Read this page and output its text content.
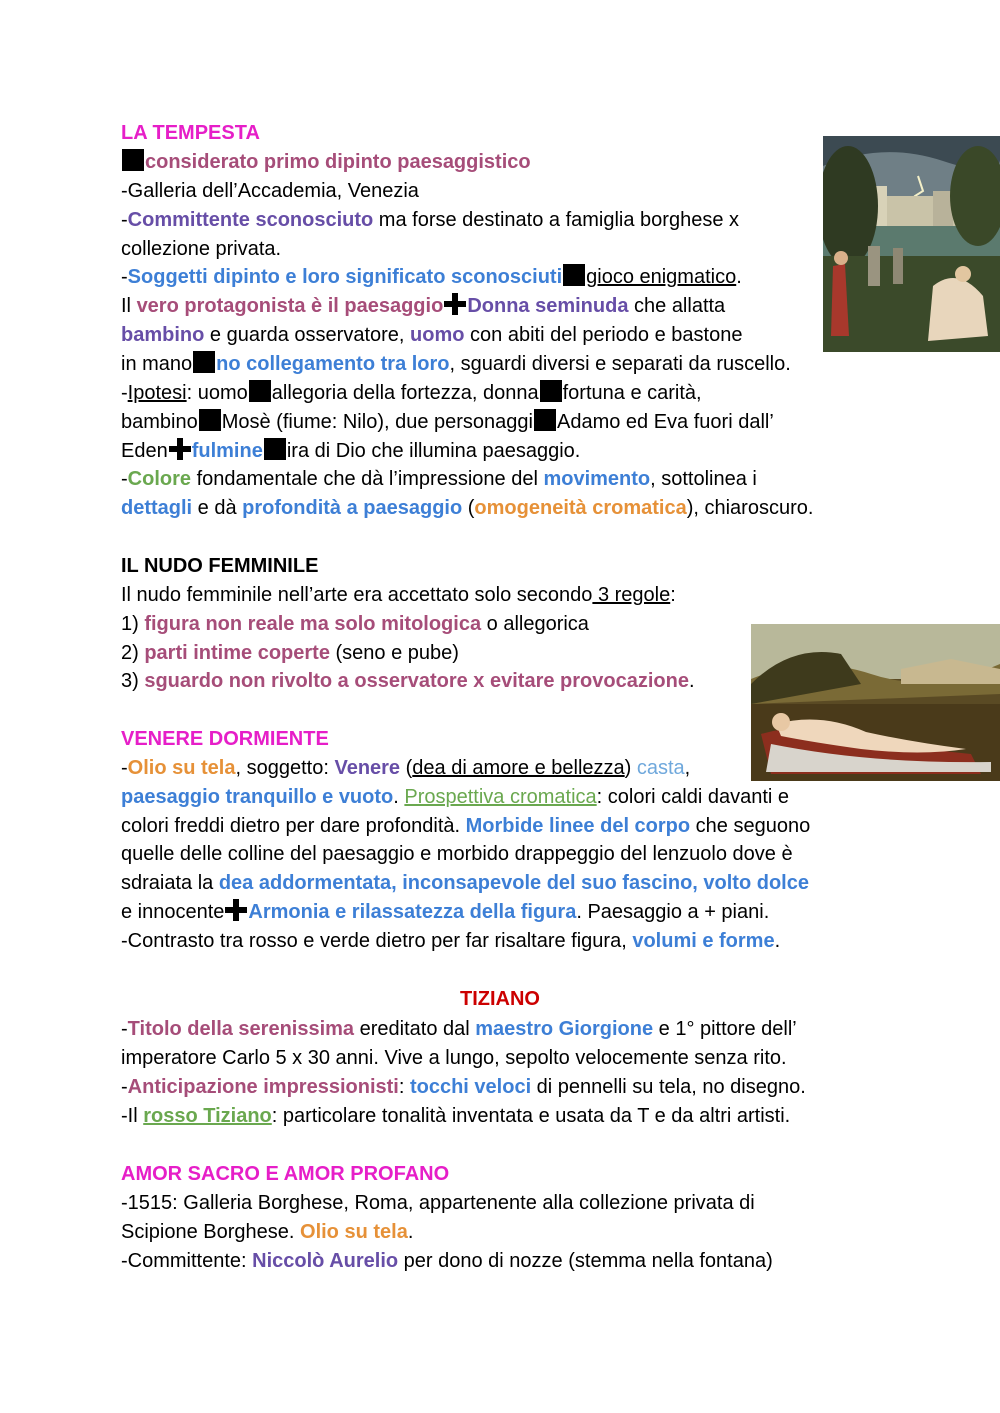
LA TEMPESTA
considerato primo dipinto paesaggistico
-Galleria dell’Accademia, Venezia
-Committente sconosciuto ma forse destinato a famiglia borghese x
collezione privata.
-Soggetti dipinto e loro significato sconosciuti gioco enigmatico.
Il vero protagonista è il paesaggio Donna seminuda che allatta
bambino e guarda osservatore, uomo con abiti del periodo e bastone
in mano no collegamento tra loro, sguardi diversi e separati da ruscello.
-Ipotesi: uomo allegoria della fortezza, donna fortuna e carità,
bambino Mosè (fiume: Nilo), due personaggi Adamo ed Eva fuori dall’
Eden fulmine ira di Dio che illumina paesaggio.
-Colore fondamentale che dà l’impressione del movimento, sottolinea i
dettagli e dà profondità a paesaggio (omogeneità cromatica), chiaroscuro.
IL NUDO FEMMINILE
Il nudo femminile nell’arte era accettato solo secondo 3 regole:
1) figura non reale ma solo mitologica o allegorica
2) parti intime coperte (seno e pube)
3) sguardo non rivolto a osservatore x evitare provocazione.
VENERE DORMIENTE
-Olio su tela, soggetto: Venere (dea di amore e bellezza) casta,
paesaggio tranquillo e vuoto. Prospettiva cromatica: colori caldi davanti e
colori freddi dietro per dare profondità. Morbide linee del corpo che seguono
quelle delle colline del paesaggio e morbido drappeggio del lenzuolo dove è
sdraiata la dea addormentata, inconsapevole del suo fascino, volto dolce
e innocente Armonia e rilassatezza della figura. Paesaggio a + piani.
-Contrasto tra rosso e verde dietro per far risaltare figura, volumi e forme.
TIZIANO
-Titolo della serenissima ereditato dal maestro Giorgione e 1° pittore dell’
imperatore Carlo 5 x 30 anni. Vive a lungo, sepolto velocemente senza rito.
-Anticipazione impressionisti: tocchi veloci di pennelli su tela, no disegno.
-Il rosso Tiziano: particolare tonalità inventata e usata da T e da altri artisti.
AMOR SACRO E AMOR PROFANO
-1515: Galleria Borghese, Roma, appartenente alla collezione privata di
Scipione Borghese. Olio su tela.
-Committente: Niccolò Aurelio per dono di nozze (stemma nella fontana)
